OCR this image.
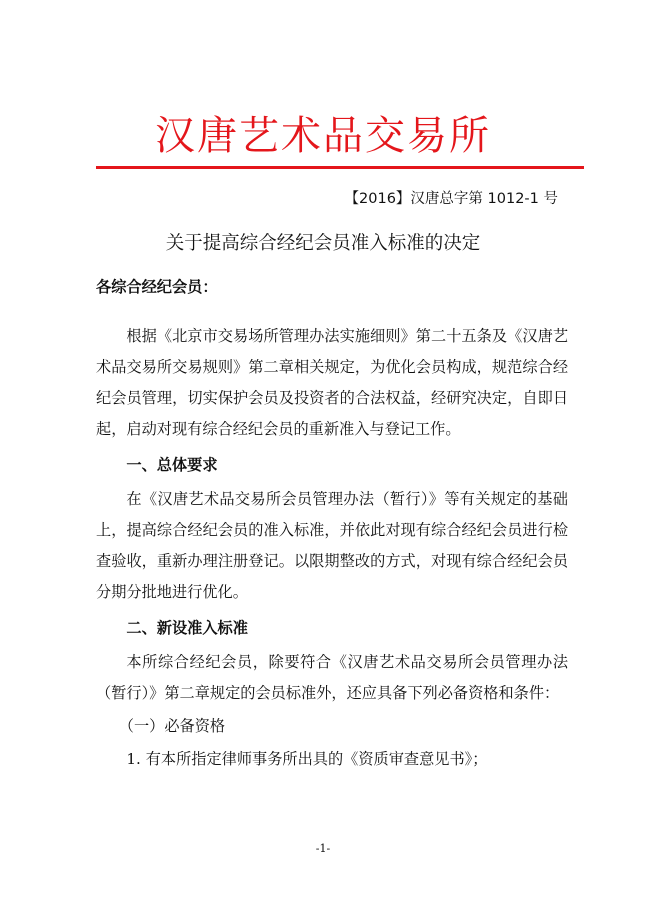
汉唐艺术品交易所
【2016】汉唐总字第 1012-1 号
关于提高综合经纪会员准入标准的决定
各综合经纪会员：

根据《北京市交易场所管理办法实施细则》第二十五条及《汉唐艺术品交易所交易规则》第二章相关规定，为优化会员构成，规范综合经纪会员管理，切实保护会员及投资者的合法权益，经研究决定，自即日起，启动对现有综合经纪会员的重新准入与登记工作。

一、总体要求

在《汉唐艺术品交易所会员管理办法（暂行）》等有关规定的基础上，提高综合经纪会员的准入标准，并依此对现有综合经纪会员进行检查验收，重新办理注册登记。以限期整改的方式，对现有综合经纪会员分期分批地进行优化。

二、新设准入标准

本所综合经纪会员，除要符合《汉唐艺术品交易所会员管理办法（暂行）》第二章规定的会员标准外，还应具备下列必备资格和条件：

（一）必备资格
1. 有本所指定律师事务所出具的《资质审查意见书》；
-1-
